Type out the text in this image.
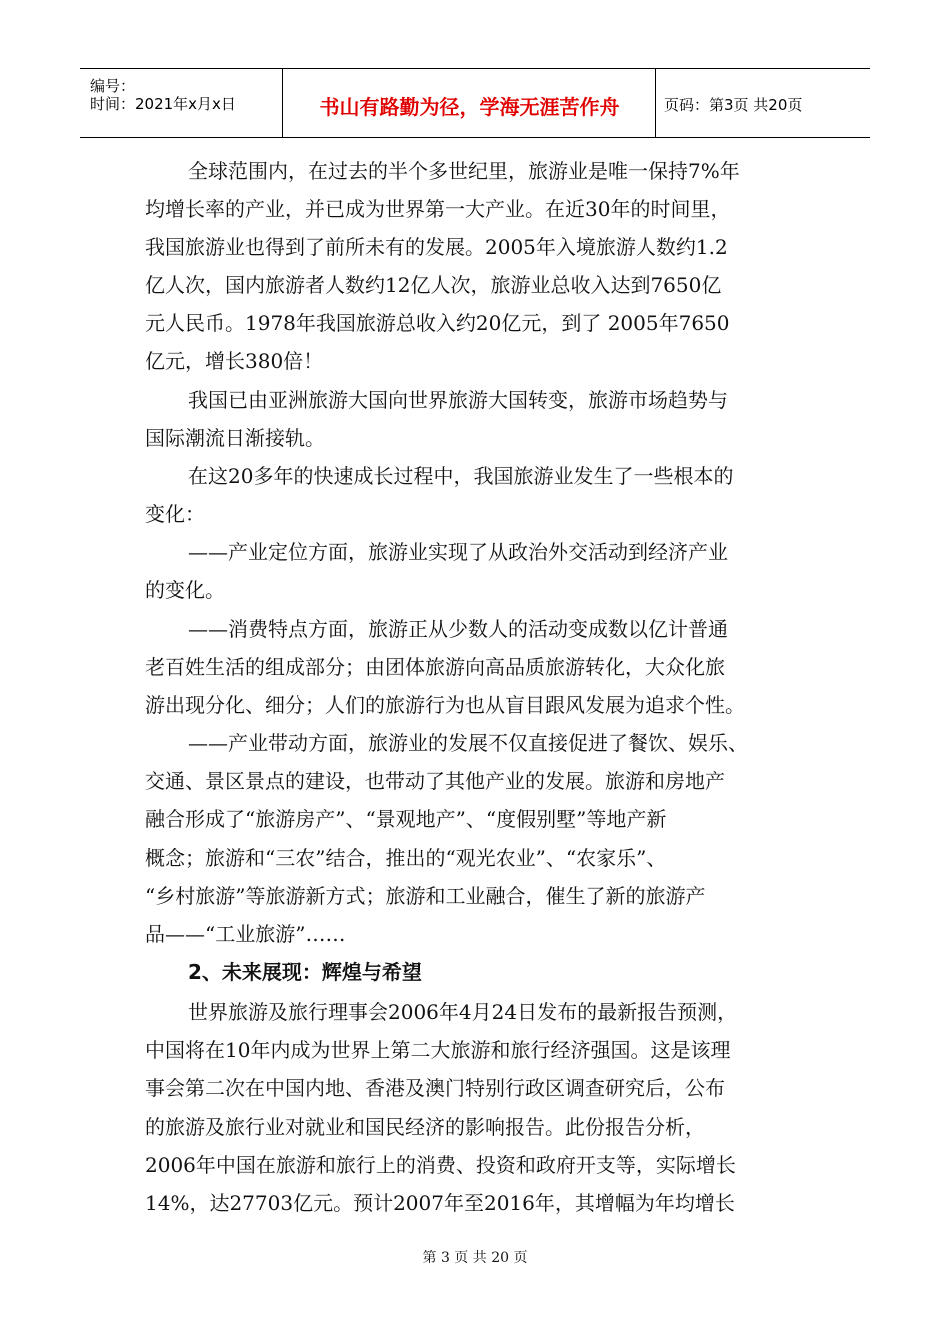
编号：
时间：2021年x月x日	书山有路勤为径，学海无涯苦作舟	页码：第3页 共20页
全球范围内，在过去的半个多世纪里，旅游业是唯一保持7%年
均增长率的产业，并已成为世界第一大产业。在近30年的时间里，
我国旅游业也得到了前所未有的发展。2005年入境旅游人数约1.2
亿人次，国内旅游者人数约12亿人次，旅游业总收入达到7650亿
元人民币。1978年我国旅游总收入约20亿元，到了 2005年7650
亿元，增长380倍！
我国已由亚洲旅游大国向世界旅游大国转变，旅游市场趋势与
国际潮流日渐接轨。
在这20多年的快速成长过程中，我国旅游业发生了一些根本的
变化：
——产业定位方面，旅游业实现了从政治外交活动到经济产业
的变化。
——消费特点方面，旅游正从少数人的活动变成数以亿计普通
老百姓生活的组成部分；由团体旅游向高品质旅游转化，大众化旅
游出现分化、细分；人们的旅游行为也从盲目跟风发展为追求个性。
——产业带动方面，旅游业的发展不仅直接促进了餐饮、娱乐、
交通、景区景点的建设，也带动了其他产业的发展。旅游和房地产
融合形成了“旅游房产”、“景观地产”、“度假别墅”等地产新
概念；旅游和“三农”结合，推出的“观光农业”、“农家乐”、
“乡村旅游”等旅游新方式；旅游和工业融合，催生了新的旅游产
品——“工业旅游”……
2、未来展现：辉煌与希望
世界旅游及旅行理事会2006年4月24日发布的最新报告预测，
中国将在10年内成为世界上第二大旅游和旅行经济强国。这是该理
事会第二次在中国内地、香港及澳门特别行政区调查研究后，公布
的旅游及旅行业对就业和国民经济的影响报告。此份报告分析，
2006年中国在旅游和旅行上的消费、投资和政府开支等，实际增长
14%，达27703亿元。预计2007年至2016年，其增幅为年均增长
第 3 页 共 20 页
